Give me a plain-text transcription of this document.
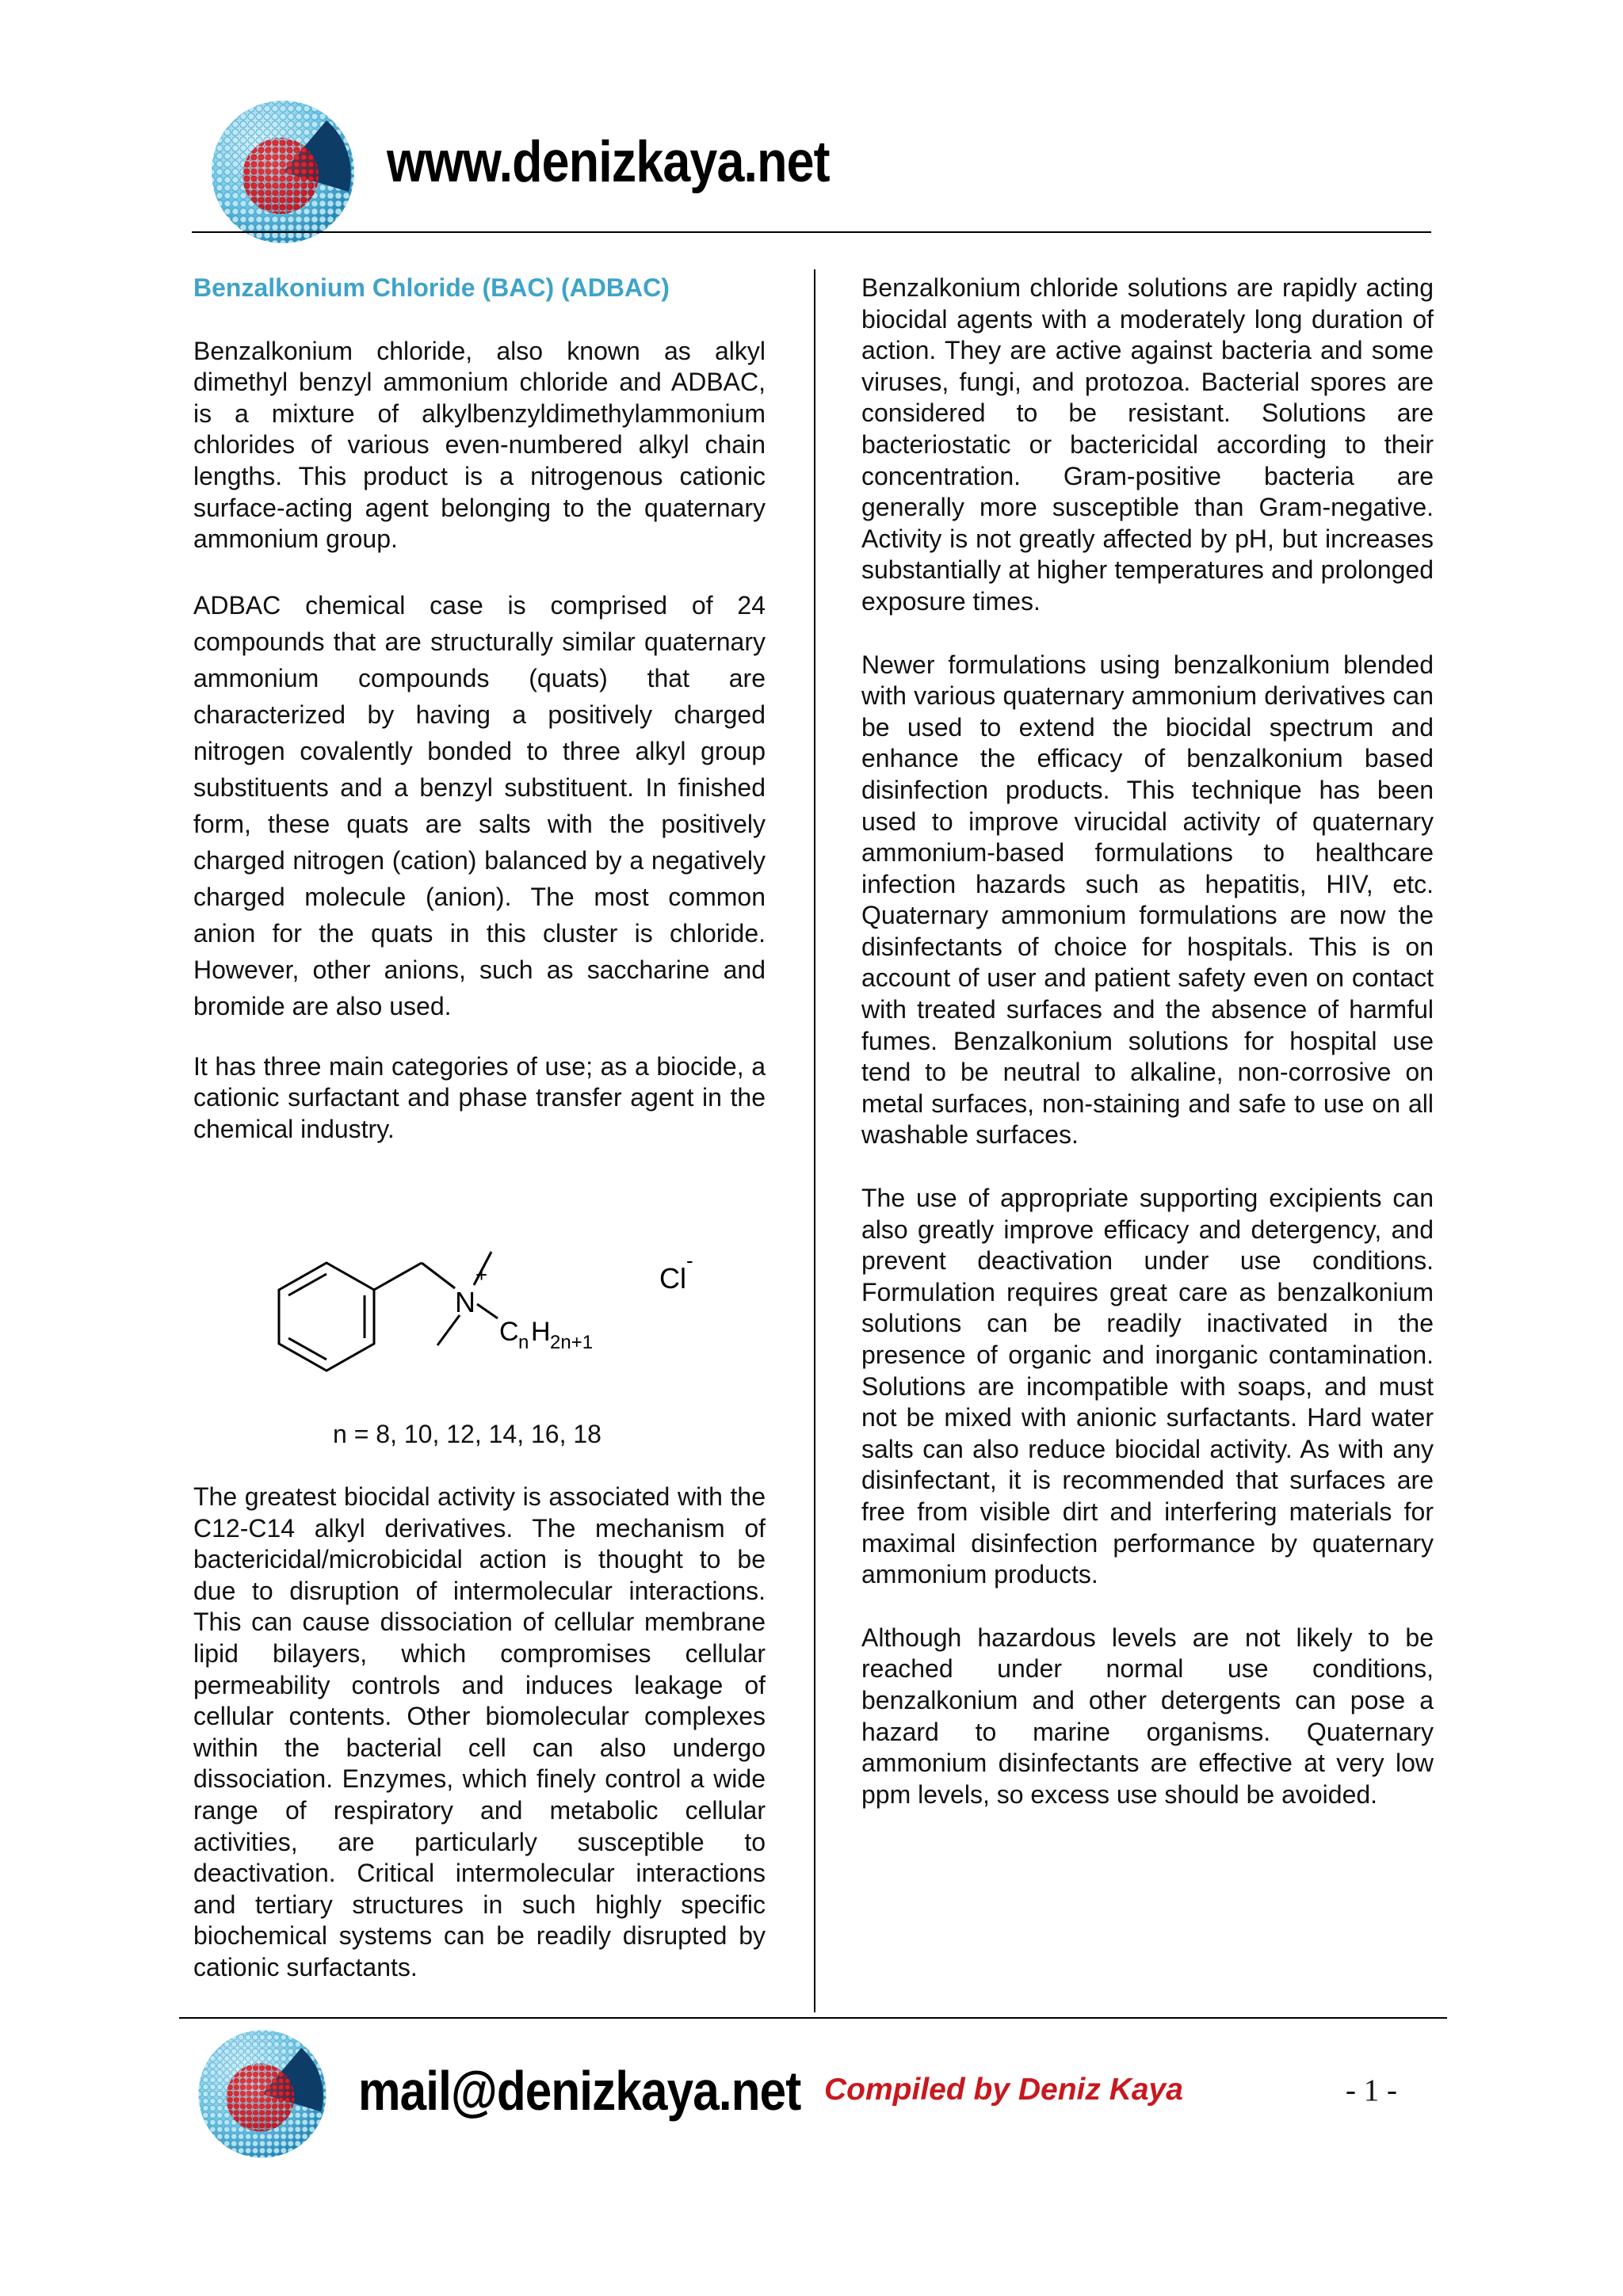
www.denizkaya.net

Benzalkonium Chloride (BAC) (ADBAC)

Benzalkonium chloride, also known as alkyl dimethyl benzyl ammonium chloride and ADBAC, is a mixture of alkylbenzyldimethylammonium chlorides of various even-numbered alkyl chain lengths. This product is a nitrogenous cationic surface-acting agent belonging to the quaternary ammonium group.

ADBAC chemical case is comprised of 24 compounds that are structurally similar quaternary ammonium compounds (quats) that are characterized by having a positively charged nitrogen covalently bonded to three alkyl group substituents and a benzyl substituent. In finished form, these quats are salts with the positively charged nitrogen (cation) balanced by a negatively charged molecule (anion). The most common anion for the quats in this cluster is chloride. However, other anions, such as saccharine and bromide are also used.

It has three main categories of use; as a biocide, a cationic surfactant and phase transfer agent in the chemical industry.

N
+
C n H 2n+1
Cl
-
n = 8, 10, 12, 14, 16, 18

The greatest biocidal activity is associated with the C12-C14 alkyl derivatives. The mechanism of bactericidal/microbicidal action is thought to be due to disruption of intermolecular interactions. This can cause dissociation of cellular membrane lipid bilayers, which compromises cellular permeability controls and induces leakage of cellular contents. Other biomolecular complexes within the bacterial cell can also undergo dissociation. Enzymes, which finely control a wide range of respiratory and metabolic cellular activities, are particularly susceptible to deactivation. Critical intermolecular interactions and tertiary structures in such highly specific biochemical systems can be readily disrupted by cationic surfactants.

Benzalkonium chloride solutions are rapidly acting biocidal agents with a moderately long duration of action. They are active against bacteria and some viruses, fungi, and protozoa. Bacterial spores are considered to be resistant. Solutions are bacteriostatic or bactericidal according to their concentration. Gram-positive bacteria are generally more susceptible than Gram-negative. Activity is not greatly affected by pH, but increases substantially at higher temperatures and prolonged exposure times.

Newer formulations using benzalkonium blended with various quaternary ammonium derivatives can be used to extend the biocidal spectrum and enhance the efficacy of benzalkonium based disinfection products. This technique has been used to improve virucidal activity of quaternary ammonium-based formulations to healthcare infection hazards such as hepatitis, HIV, etc. Quaternary ammonium formulations are now the disinfectants of choice for hospitals. This is on account of user and patient safety even on contact with treated surfaces and the absence of harmful fumes. Benzalkonium solutions for hospital use tend to be neutral to alkaline, non-corrosive on metal surfaces, non-staining and safe to use on all washable surfaces.

The use of appropriate supporting excipients can also greatly improve efficacy and detergency, and prevent deactivation under use conditions. Formulation requires great care as benzalkonium solutions can be readily inactivated in the presence of organic and inorganic contamination. Solutions are incompatible with soaps, and must not be mixed with anionic surfactants. Hard water salts can also reduce biocidal activity. As with any disinfectant, it is recommended that surfaces are free from visible dirt and interfering materials for maximal disinfection performance by quaternary ammonium products.

Although hazardous levels are not likely to be reached under normal use conditions, benzalkonium and other detergents can pose a hazard to marine organisms. Quaternary ammonium disinfectants are effective at very low ppm levels, so excess use should be avoided.

mail@denizkaya.net Compiled by Deniz Kaya	- 1 -
